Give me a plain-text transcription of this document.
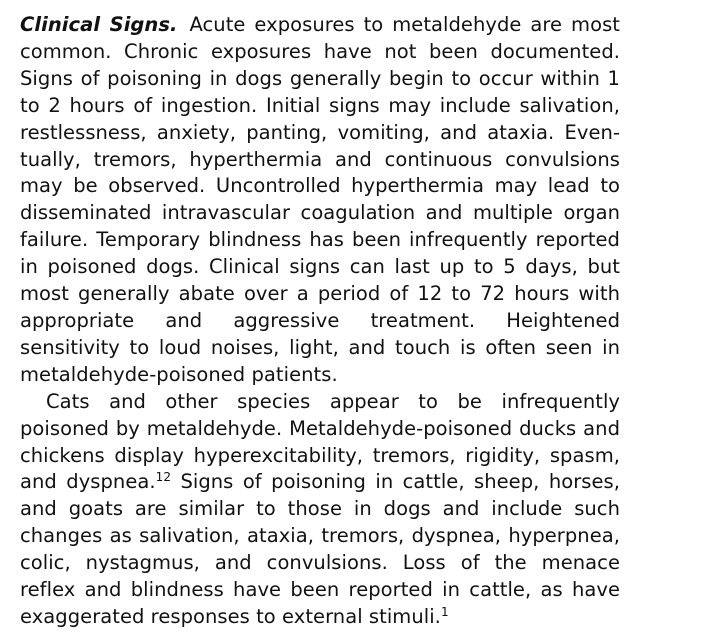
Clinical Signs. Acute exposures to metaldehyde are most common. Chronic exposures have not been documented. Signs of poisoning in dogs generally begin to occur within 1 to 2 hours of ingestion. Initial signs may include salivation, restlessness, anxiety, panting, vomiting, and ataxia. Eventually, tremors, hyperthermia and continuous convulsions may be observed. Uncontrolled hyperthermia may lead to disseminated intravascular coagulation and multiple organ failure. Temporary blindness has been infrequently reported in poisoned dogs. Clinical signs can last up to 5 days, but most generally abate over a period of 12 to 72 hours with appropriate and aggressive treatment. Heightened sensitivity to loud noises, light, and touch is often seen in metaldehyde-poisoned patients.

Cats and other species appear to be infrequently poisoned by metaldehyde. Metaldehyde-poisoned ducks and chickens display hyperexcitability, tremors, rigidity, spasm, and dyspnea.$^{12}$ Signs of poisoning in cattle, sheep, horses, and goats are similar to those in dogs and include such changes as salivation, ataxia, tremors, dyspnea, hyperpnea, colic, nystagmus, and convulsions. Loss of the menace reflex and blindness have been reported in cattle, as have exaggerated responses to external stimuli.$^1$
